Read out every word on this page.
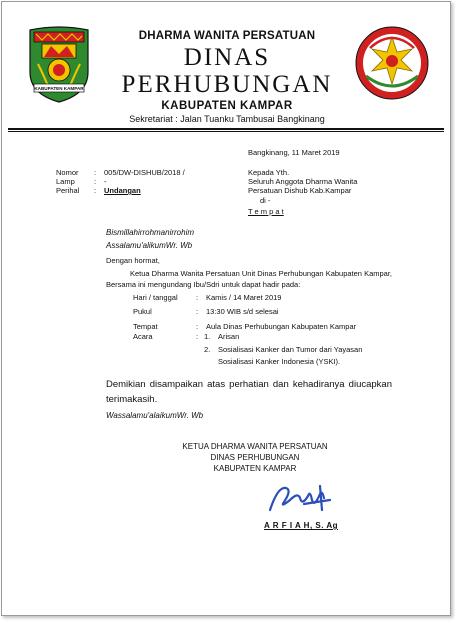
KABUPATEN KAMPAR
DHARMA WANITA PERSATUAN
DINAS
PERHUBUNGAN
KABUPATEN KAMPAR
Sekretariat : Jalan Tuanku Tambusai Bangkinang
Bangkinang, 11 Maret 2019
Nomor : 005/DW-DISHUB/2018 /
Lamp	: -
Perihal : Undangan
Kepada Yth.
Seluruh Anggota Dharma Wanita
Persatuan Dishub Kab.Kampar
di -
T e m p a t
Bismillahirrohmanirrohim
Assalamu'alikumWr. Wb
Dengan hormat,
Ketua Dharma Wanita Persatuan Unit Dinas Perhubungan Kabupaten Kampar, Bersama ini mengundang Ibu/Sdri untuk dapat hadir pada:
Hari / tanggal : Kamis / 14 Maret 2019
Pukul	: 13:30 WIB s/d selesai
Tempat	: Aula Dinas Perhubungan Kabupaten Kampar
Acara	: 1. Arisan
2. Sosialisasi Kanker dan Tumor dari Yayasan
Sosialisasi Kanker Indonesia (YSKI).
Demikian disampaikan atas perhatian dan kehadiranya diucapkan terimakasih.
Wassalamu'alaikumWr. Wb
KETUA DHARMA WANITA PERSATUAN
DINAS PERHUBUNGAN
KABUPATEN KAMPAR
A R F I A H, S. Ag
